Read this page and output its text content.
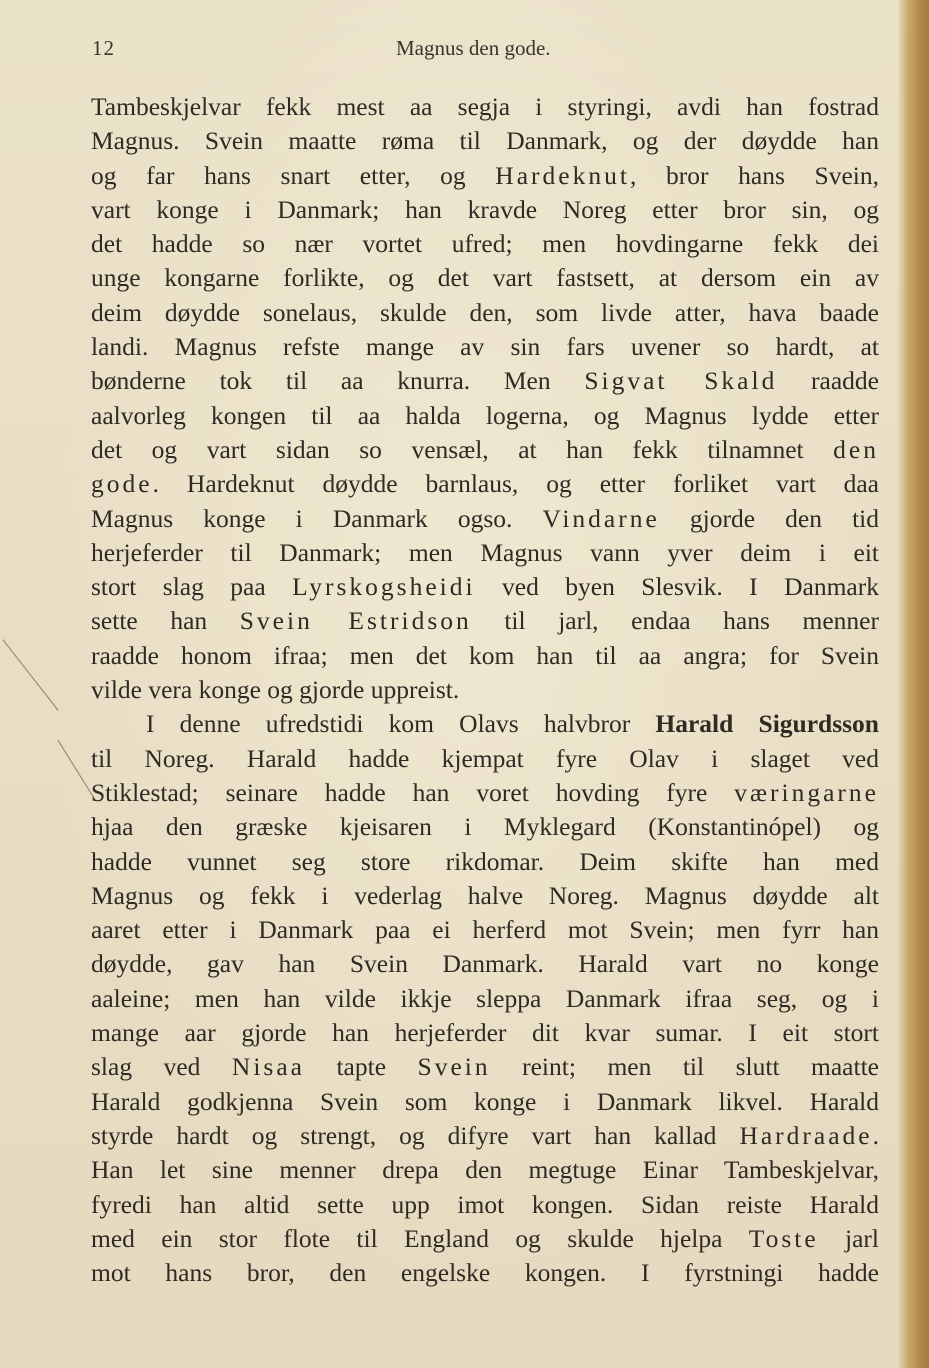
12	Magnus den gode.
Tambeskjelvar fekk mest aa segja i styringi, avdi han fostrad
Magnus. Svein maatte røma til Danmark, og der døydde han
og far hans snart etter, og Hardeknut, bror hans Svein,
vart konge i Danmark; han kravde Noreg etter bror sin, og
det hadde so nær vortet ufred; men hovdingarne fekk dei
unge kongarne forlikte, og det vart fastsett, at dersom ein av
deim døydde sonelaus, skulde den, som livde atter, hava baade
landi. Magnus refste mange av sin fars uvener so hardt, at
bønderne tok til aa knurra. Men Sigvat Skald raadde
aalvorleg kongen til aa halda logerna, og Magnus lydde etter
det og vart sidan so vensæl, at han fekk tilnamnet den
gode. Hardeknut døydde barnlaus, og etter forliket vart daa
Magnus konge i Danmark ogso. Vindarne gjorde den tid
herjeferder til Danmark; men Magnus vann yver deim i eit
stort slag paa Lyrskogsheidi ved byen Slesvik. I Danmark
sette han Svein Estridson til jarl, endaa hans menner
raadde honom ifraa; men det kom han til aa angra; for Svein
vilde vera konge og gjorde uppreist.
I denne ufredstidi kom Olavs halvbror Harald Sigurdsson
til Noreg. Harald hadde kjempat fyre Olav i slaget ved
Stiklestad; seinare hadde han voret hovding fyre væringarne
hjaa den græske kjeisaren i Myklegard (Konstantinópel) og
hadde vunnet seg store rikdomar. Deim skifte han med
Magnus og fekk i vederlag halve Noreg. Magnus døydde alt
aaret etter i Danmark paa ei herferd mot Svein; men fyrr han
døydde, gav han Svein Danmark. Harald vart no konge
aaleine; men han vilde ikkje sleppa Danmark ifraa seg, og i
mange aar gjorde han herjeferder dit kvar sumar. I eit stort
slag ved Nisaa tapte Svein reint; men til slutt maatte
Harald godkjenna Svein som konge i Danmark likvel. Harald
styrde hardt og strengt, og difyre vart han kallad Hardraade.
Han let sine menner drepa den megtuge Einar Tambeskjelvar,
fyredi han altid sette upp imot kongen. Sidan reiste Harald
med ein stor flote til England og skulde hjelpa Toste jarl
mot hans bror, den engelske kongen. I fyrstningi hadde
